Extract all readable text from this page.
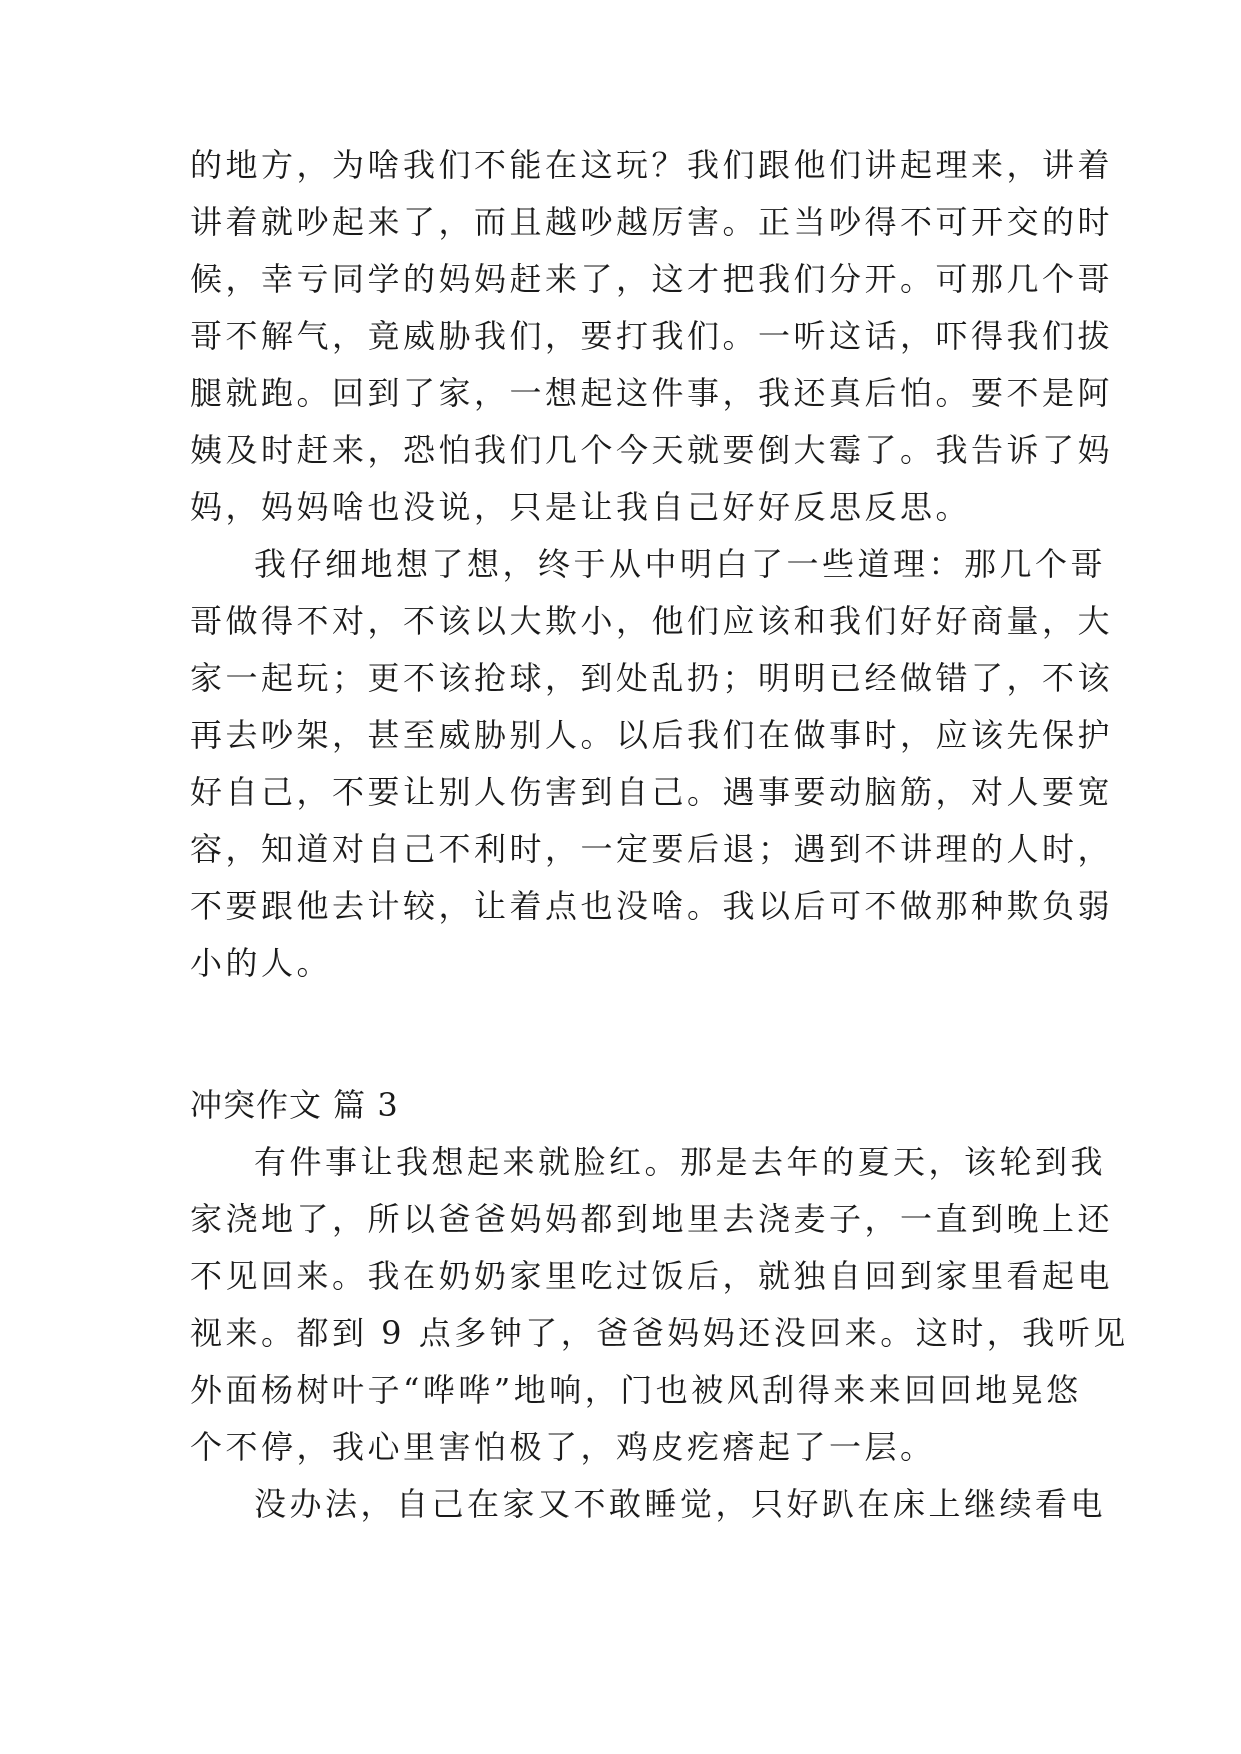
的地方，为啥我们不能在这玩？我们跟他们讲起理来，讲着
讲着就吵起来了，而且越吵越厉害。正当吵得不可开交的时
候，幸亏同学的妈妈赶来了，这才把我们分开。可那几个哥
哥不解气，竟威胁我们，要打我们。一听这话，吓得我们拔
腿就跑。回到了家，一想起这件事，我还真后怕。要不是阿
姨及时赶来，恐怕我们几个今天就要倒大霉了。我告诉了妈
妈，妈妈啥也没说，只是让我自己好好反思反思。
我仔细地想了想，终于从中明白了一些道理：那几个哥
哥做得不对，不该以大欺小，他们应该和我们好好商量，大
家一起玩；更不该抢球，到处乱扔；明明已经做错了，不该
再去吵架，甚至威胁别人。以后我们在做事时，应该先保护
好自己，不要让别人伤害到自己。遇事要动脑筋，对人要宽
容，知道对自己不利时，一定要后退；遇到不讲理的人时，
不要跟他去计较，让着点也没啥。我以后可不做那种欺负弱
小的人。
冲突作文 篇 3
有件事让我想起来就脸红。那是去年的夏天，该轮到我
家浇地了，所以爸爸妈妈都到地里去浇麦子，一直到晚上还
不见回来。我在奶奶家里吃过饭后，就独自回到家里看起电
视来。都到 9 点多钟了，爸爸妈妈还没回来。这时，我听见
外面杨树叶子“哗哗”地响，门也被风刮得来来回回地晃悠
个不停，我心里害怕极了，鸡皮疙瘩起了一层。
没办法，自己在家又不敢睡觉，只好趴在床上继续看电
